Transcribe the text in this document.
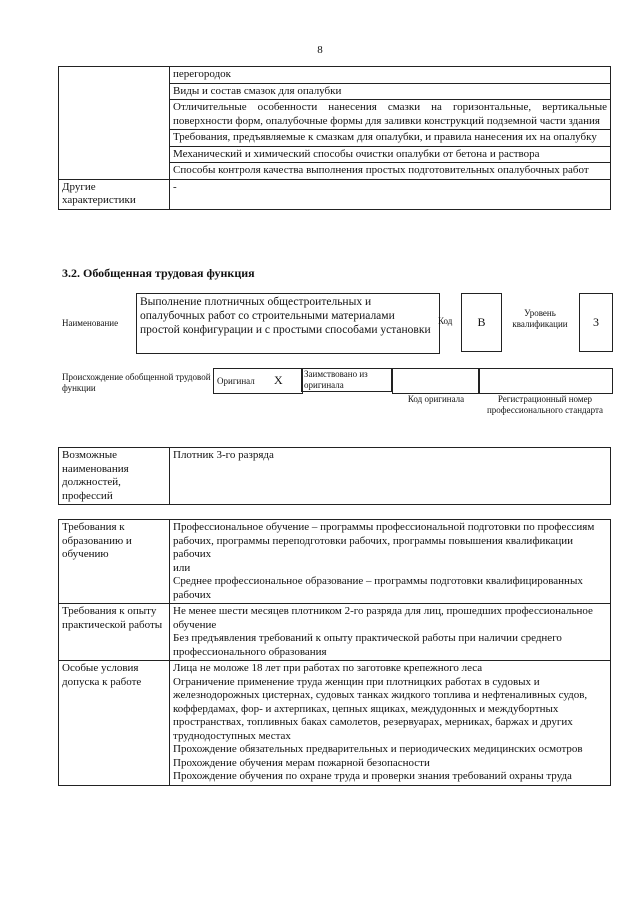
8
	перегородок
	Виды и состав смазок для опалубки
	Отличительные особенности нанесения смазки на горизонтальные, вертикальные поверхности форм, опалубочные формы для заливки конструкций подземной части здания
	Требования, предъявляемые к смазкам для опалубки, и правила нанесения их на опалубку
	Механический и химический способы очистки опалубки от бетона и раствора
	Способы контроля качества выполнения простых подготовительных опалубочных работ

Другие
характеристики	-
3.2. Обобщенная трудовая функция
Наименование
Выполнение плотничных общестроительных и опалубочных работ со строительными материалами простой конфигурации и с простыми способами установки
Код	В
Уровень квалификации	3
Происхождение обобщенной трудовой функции
Оригинал X	Заимствовано из оригинала
Код оригинала	Регистрационный номер профессионального стандарта
Возможные наименования должностей, профессий	Плотник 3-го разряда
Требования к образованию и обучению	Профессиональное обучение – программы профессиональной подготовки по профессиям рабочих, программы переподготовки рабочих, программы повышения квалификации рабочих
или
Среднее профессиональное образование – программы подготовки квалифицированных рабочих

Требования к опыту практической работы	Не менее шести месяцев плотником 2-го разряда для лиц, прошедших профессиональное обучение
Без предъявления требований к опыту практической работы при наличии среднего профессионального образования

Особые условия допуска к работе	Лица не моложе 18 лет при работах по заготовке крепежного леса
Ограничение применение труда женщин при плотницких работах в судовых и железнодорожных цистернах, судовых танках жидкого топлива и нефтеналивных судов, коффердамах, фор- и ахтерпиках, цепных ящиках, междудонных и междубортных пространствах, топливных баках самолетов, резервуарах, мерниках, баржах и других труднодоступных местах
Прохождение обязательных предварительных и периодических медицинских осмотров
Прохождение обучения мерам пожарной безопасности
Прохождение обучения по охране труда и проверки знания требований охраны труда
